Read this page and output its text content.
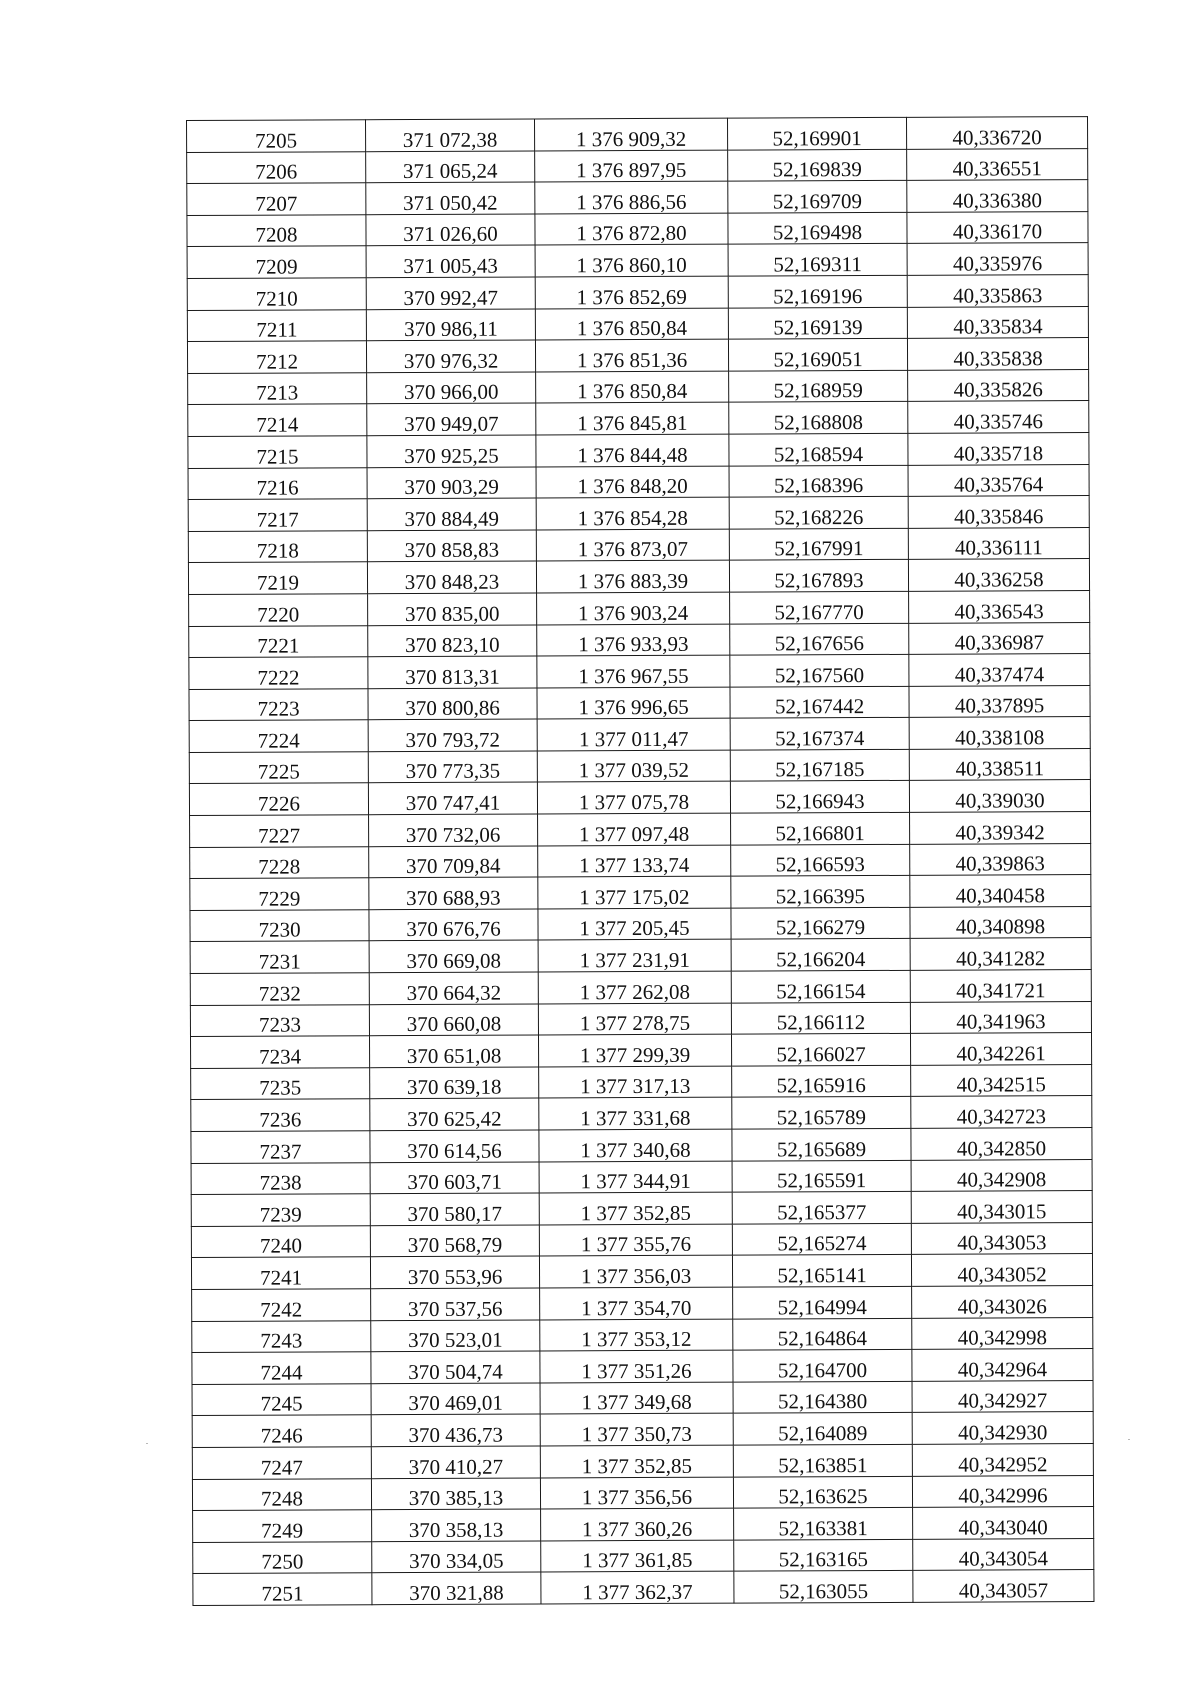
7205	371 072,38	1 376 909,32	52,169901	40,336720
7206	371 065,24	1 376 897,95	52,169839	40,336551
7207	371 050,42	1 376 886,56	52,169709	40,336380
7208	371 026,60	1 376 872,80	52,169498	40,336170
7209	371 005,43	1 376 860,10	52,169311	40,335976
7210	370 992,47	1 376 852,69	52,169196	40,335863
7211	370 986,11	1 376 850,84	52,169139	40,335834
7212	370 976,32	1 376 851,36	52,169051	40,335838
7213	370 966,00	1 376 850,84	52,168959	40,335826
7214	370 949,07	1 376 845,81	52,168808	40,335746
7215	370 925,25	1 376 844,48	52,168594	40,335718
7216	370 903,29	1 376 848,20	52,168396	40,335764
7217	370 884,49	1 376 854,28	52,168226	40,335846
7218	370 858,83	1 376 873,07	52,167991	40,336111
7219	370 848,23	1 376 883,39	52,167893	40,336258
7220	370 835,00	1 376 903,24	52,167770	40,336543
7221	370 823,10	1 376 933,93	52,167656	40,336987
7222	370 813,31	1 376 967,55	52,167560	40,337474
7223	370 800,86	1 376 996,65	52,167442	40,337895
7224	370 793,72	1 377 011,47	52,167374	40,338108
7225	370 773,35	1 377 039,52	52,167185	40,338511
7226	370 747,41	1 377 075,78	52,166943	40,339030
7227	370 732,06	1 377 097,48	52,166801	40,339342
7228	370 709,84	1 377 133,74	52,166593	40,339863
7229	370 688,93	1 377 175,02	52,166395	40,340458
7230	370 676,76	1 377 205,45	52,166279	40,340898
7231	370 669,08	1 377 231,91	52,166204	40,341282
7232	370 664,32	1 377 262,08	52,166154	40,341721
7233	370 660,08	1 377 278,75	52,166112	40,341963
7234	370 651,08	1 377 299,39	52,166027	40,342261
7235	370 639,18	1 377 317,13	52,165916	40,342515
7236	370 625,42	1 377 331,68	52,165789	40,342723
7237	370 614,56	1 377 340,68	52,165689	40,342850
7238	370 603,71	1 377 344,91	52,165591	40,342908
7239	370 580,17	1 377 352,85	52,165377	40,343015
7240	370 568,79	1 377 355,76	52,165274	40,343053
7241	370 553,96	1 377 356,03	52,165141	40,343052
7242	370 537,56	1 377 354,70	52,164994	40,343026
7243	370 523,01	1 377 353,12	52,164864	40,342998
7244	370 504,74	1 377 351,26	52,164700	40,342964
7245	370 469,01	1 377 349,68	52,164380	40,342927
7246	370 436,73	1 377 350,73	52,164089	40,342930
7247	370 410,27	1 377 352,85	52,163851	40,342952
7248	370 385,13	1 377 356,56	52,163625	40,342996
7249	370 358,13	1 377 360,26	52,163381	40,343040
7250	370 334,05	1 377 361,85	52,163165	40,343054
7251	370 321,88	1 377 362,37	52,163055	40,343057
